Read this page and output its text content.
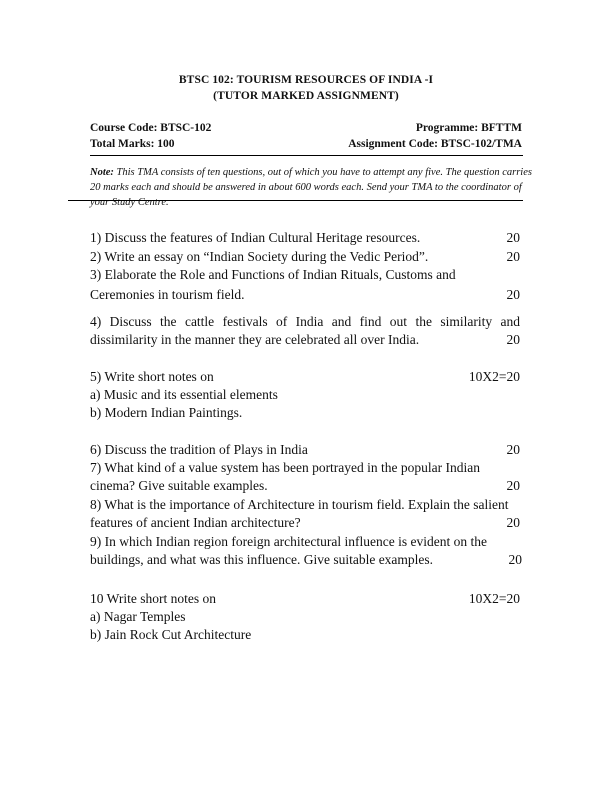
BTSC 102: TOURISM RESOURCES OF INDIA -I
(TUTOR MARKED ASSIGNMENT)
Course Code: BTSC-102	Programme: BFTTM
Total Marks: 100	Assignment Code: BTSC-102/TMA
Note: This TMA consists of ten questions, out of which you have to attempt any five. The question carries 20 marks each and should be answered in about 600 words each. Send your TMA to the coordinator of your Study Centre.
1) Discuss the features of Indian Cultural Heritage resources.	20
2) Write an essay on “Indian Society during the Vedic Period”.	20
3) Elaborate the Role and Functions of Indian Rituals, Customs and
Ceremonies in tourism field.	20
4) Discuss the cattle festivals of India and find out the similarity and
dissimilarity in the manner they are celebrated all over India.	20
5) Write short notes on	10X2=20
a) Music and its essential elements
b) Modern Indian Paintings.
6) Discuss the tradition of Plays in India	20
7) What kind of a value system has been portrayed in the popular Indian
cinema? Give suitable examples.	20
8) What is the importance of Architecture in tourism field. Explain the salient
features of ancient Indian architecture?	20
9) In which Indian region foreign architectural influence is evident on the
buildings, and what was this influence. Give suitable examples.	20
10 Write short notes on	10X2=20
a) Nagar Temples
b) Jain Rock Cut Architecture
